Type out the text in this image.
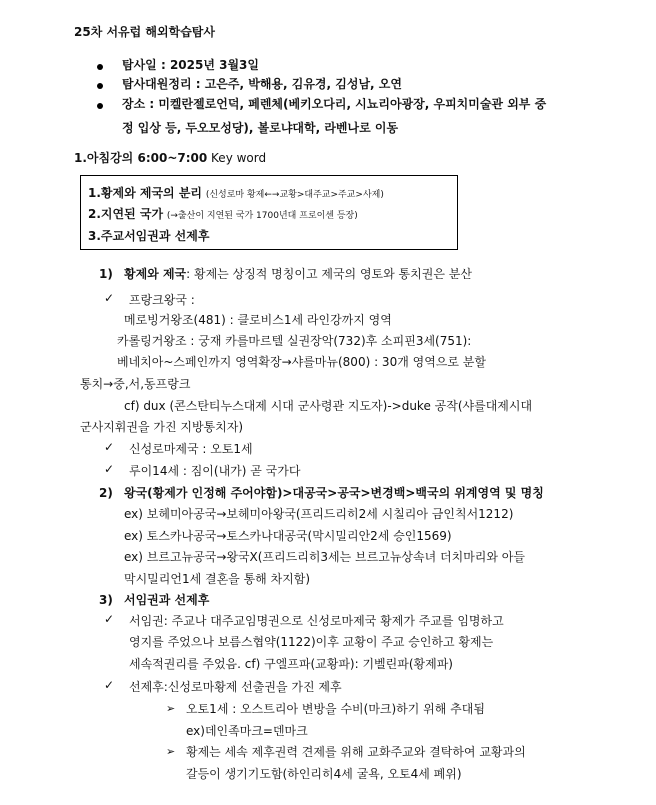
25차 서유럽 해외학습탐사
탐사일 : 2025년 3월3일
탐사대원정리 : 고은주, 박해용, 김유경, 김성남, 오연
장소 : 미켈란젤로언덕, 페렌체(베키오다리, 시뇨리아광장, 우피치미술관 외부 중
정 입상 등, 두오모성당), 볼로냐대학, 라벤나로 이동
1.아침강의 6:00~7:00 Key word
1.황제와 제국의 분리 (신성로마 황제←→교황>대주교>주교>사제)
2.지연된 국가 (→출산이 지연된 국가 1700년대 프로이센 등장)
3.주교서임권과 선제후
1) 황제와 제국: 황제는 상징적 명칭이고 제국의 영토와 통치권은 분산
✓ 프랑크왕국 :
메로빙거왕조(481) : 클로비스1세 라인강까지 영역
카롤링거왕조 : 궁재 카를마르텔 실권장악(732)후 소피핀3세(751):
베네치아~스페인까지 영역확장→샤를마뉴(800) : 30개 영역으로 분할
통치→중,서,동프랑크
cf) dux (콘스탄티누스대제 시대 군사령관 지도자)->duke 공작(샤를대제시대
군사지휘권을 가진 지방통치자)
✓ 신성로마제국 : 오토1세
✓ 루이14세 : 짐이(내가) 곧 국가다
2) 왕국(황제가 인정해 주어야함)>대공국>공국>변경백>백국의 위계영역 및 명칭
ex) 보헤미아공국→보헤미아왕국(프리드리히2세 시칠리아 금인칙서1212)
ex) 토스카나공국→토스카나대공국(막시밀리안2세 승인1569)
ex) 브르고뉴공국→왕국X(프리드리히3세는 브르고뉴상속녀 더치마리와 아들
막시밀리언1세 결혼을 통해 차지함)
3) 서임권과 선제후
✓ 서임권: 주교나 대주교임명권으로 신성로마제국 황제가 주교를 임명하고
영지를 주었으나 보름스협약(1122)이후 교황이 주교 승인하고 황제는
세속적권리를 주었음. cf) 구엘프파(교황파): 기벨린파(황제파)
✓ 선제후:신성로마황제 선출권을 가진 제후
➢ 오토1세 : 오스트리아 변방을 수비(마크)하기 위해 추대됨
ex)데인족마크=덴마크
➢ 황제는 세속 제후권력 견제를 위해 교화주교와 결탁하여 교황과의
갈등이 생기기도함(하인리히4세 굴욕, 오토4세 폐위)
